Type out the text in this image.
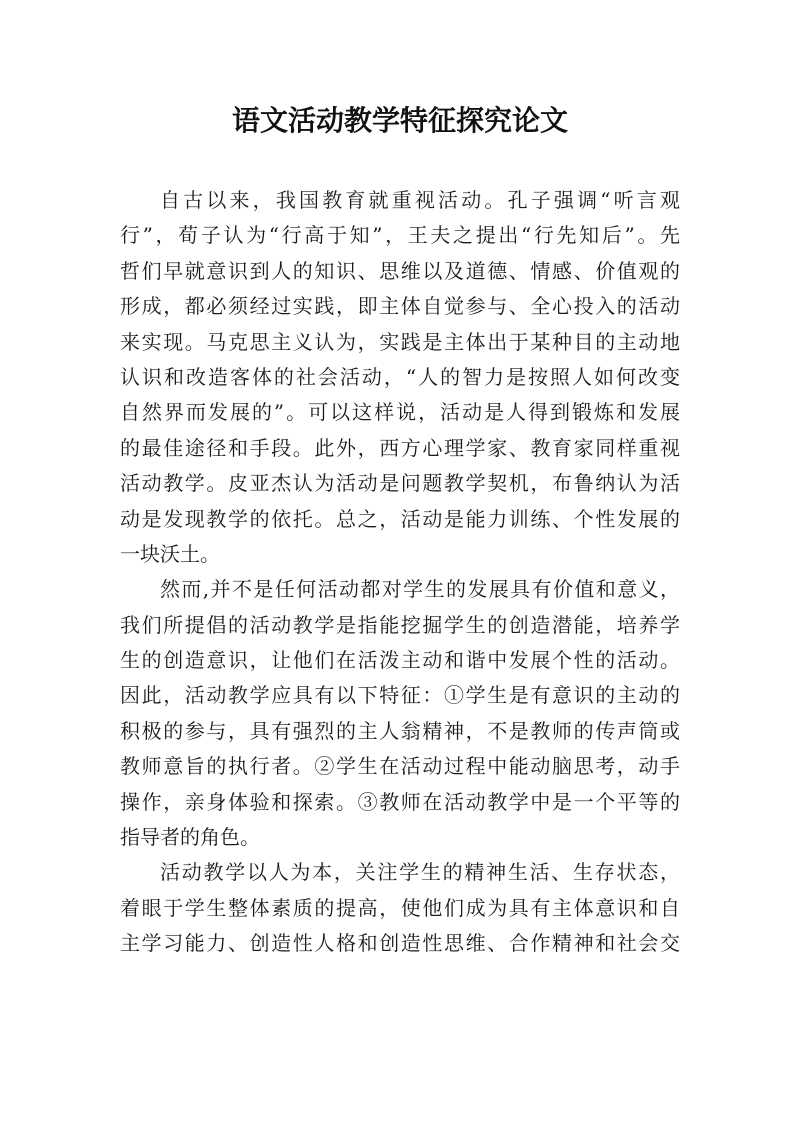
语文活动教学特征探究论文
自古以来，我国教育就重视活动。孔子强调“听言观
行”，荀子认为“行高于知”，王夫之提出“行先知后”。先
哲们早就意识到人的知识、思维以及道德、情感、价值观的
形成，都必须经过实践，即主体自觉参与、全心投入的活动
来实现。马克思主义认为，实践是主体出于某种目的主动地
认识和改造客体的社会活动，“人的智力是按照人如何改变
自然界而发展的”。可以这样说，活动是人得到锻炼和发展
的最佳途径和手段。此外，西方心理学家、教育家同样重视
活动教学。皮亚杰认为活动是问题教学契机，布鲁纳认为活
动是发现教学的依托。总之，活动是能力训练、个性发展的
一块沃土。
然而,并不是任何活动都对学生的发展具有价值和意义，
我们所提倡的活动教学是指能挖掘学生的创造潜能，培养学
生的创造意识，让他们在活泼主动和谐中发展个性的活动。
因此，活动教学应具有以下特征：①学生是有意识的主动的
积极的参与，具有强烈的主人翁精神，不是教师的传声筒或
教师意旨的执行者。②学生在活动过程中能动脑思考，动手
操作，亲身体验和探索。③教师在活动教学中是一个平等的
指导者的角色。
活动教学以人为本，关注学生的精神生活、生存状态，
着眼于学生整体素质的提高，使他们成为具有主体意识和自
主学习能力、创造性人格和创造性思维、合作精神和社会交
